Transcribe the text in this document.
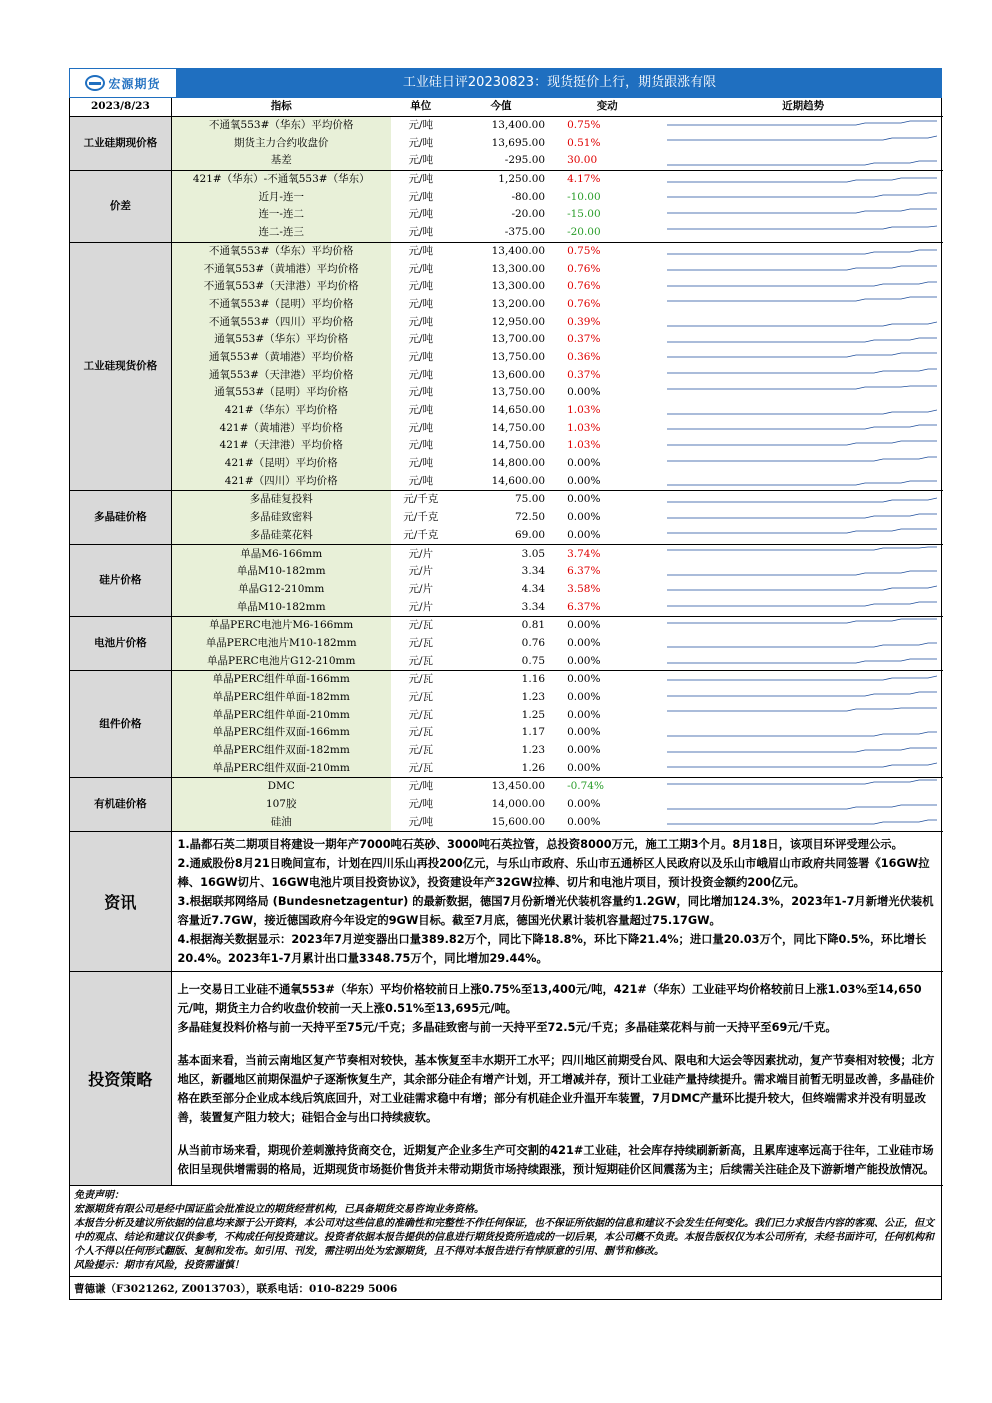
宏源期货	工业硅日评20230823：现货挺价上行，期货跟涨有限
2023/8/23	指标	单位	今值	变动	近期趋势
工业硅期现价格	不通氧553#（华东）平均价格	元/吨	13,400.00	0.75%	

	期货主力合约收盘价	元/吨	13,695.00	0.51%	

	基差	元/吨	-295.00	30.00	

价差	421#（华东）-不通氧553#（华东）	元/吨	1,250.00	4.17%	

	近月-连一	元/吨	-80.00	-10.00	

	连一-连二	元/吨	-20.00	-15.00	

	连二-连三	元/吨	-375.00	-20.00	

工业硅现货价格	不通氧553#（华东）平均价格	元/吨	13,400.00	0.75%	

	不通氧553#（黄埔港）平均价格	元/吨	13,300.00	0.76%	

	不通氧553#（天津港）平均价格	元/吨	13,300.00	0.76%	

	不通氧553#（昆明）平均价格	元/吨	13,200.00	0.76%	

	不通氧553#（四川）平均价格	元/吨	12,950.00	0.39%	

	通氧553#（华东）平均价格	元/吨	13,700.00	0.37%	

	通氧553#（黄埔港）平均价格	元/吨	13,750.00	0.36%	

	通氧553#（天津港）平均价格	元/吨	13,600.00	0.37%	

	通氧553#（昆明）平均价格	元/吨	13,750.00	0.00%	

	421#（华东）平均价格	元/吨	14,650.00	1.03%	

	421#（黄埔港）平均价格	元/吨	14,750.00	1.03%	

	421#（天津港）平均价格	元/吨	14,750.00	1.03%	

	421#（昆明）平均价格	元/吨	14,800.00	0.00%	

	421#（四川）平均价格	元/吨	14,600.00	0.00%	

多晶硅价格	多晶硅复投料	元/千克	75.00	0.00%	

	多晶硅致密料	元/千克	72.50	0.00%	

	多晶硅菜花料	元/千克	69.00	0.00%	

硅片价格	单晶M6-166mm	元/片	3.05	3.74%	

	单晶M10-182mm	元/片	3.34	6.37%	

	单晶G12-210mm	元/片	4.34	3.58%	

	单晶M10-182mm	元/片	3.34	6.37%	

电池片价格	单晶PERC电池片M6-166mm	元/瓦	0.81	0.00%	

	单晶PERC电池片M10-182mm	元/瓦	0.76	0.00%	

	单晶PERC电池片G12-210mm	元/瓦	0.75	0.00%	

组件价格	单晶PERC组件单面-166mm	元/瓦	1.16	0.00%	

	单晶PERC组件单面-182mm	元/瓦	1.23	0.00%	

	单晶PERC组件单面-210mm	元/瓦	1.25	0.00%	

	单晶PERC组件双面-166mm	元/瓦	1.17	0.00%	

	单晶PERC组件双面-182mm	元/瓦	1.23	0.00%	

	单晶PERC组件双面-210mm	元/瓦	1.26	0.00%	

有机硅价格	DMC	元/吨	13,450.00	-0.74%	

	107胶	元/吨	14,000.00	0.00%	

	硅油	元/吨	15,600.00	0.00%	
资讯	

1.晶都石英二期项目将建设一期年产7000吨石英砂、3000吨石英拉管，总投资8000万元，施工工期3个月。8月18日，该项目环评受理公示。

2.通威股份8月21日晚间宣布，计划在四川乐山再投200亿元，与乐山市政府、乐山市五通桥区人民政府以及乐山市峨眉山市政府共同签署《16GW拉棒、16GW切片、16GW电池片项目投资协议》，投资建设年产32GW拉棒、切片和电池片项目，预计投资金额约200亿元。

3.根据联邦网络局 (Bundesnetzagentur) 的最新数据，德国7月份新增光伏装机容量约1.2GW，同比增加124.3%，2023年1-7月新增光伏装机容量近7.7GW，接近德国政府今年设定的9GW目标。截至7月底，德国光伏累计装机容量超过75.17GW。

4.根据海关数据显示：2023年7月逆变器出口量389.82万个，同比下降18.8%，环比下降21.4%；进口量20.03万个，同比下降0.5%，环比增长20.4%。2023年1-7月累计出口量3348.75万个，同比增加29.44%。

投资策略	

上一交易日工业硅不通氧553#（华东）平均价格较前日上涨0.75%至13,400元/吨，421#（华东）工业硅平均价格较前日上涨1.03%至14,650元/吨，期货主力合约收盘价较前一天上涨0.51%至13,695元/吨。

多晶硅复投料价格与前一天持平至75元/千克；多晶硅致密与前一天持平至72.5元/千克；多晶硅菜花料与前一天持平至69元/千克。

基本面来看，当前云南地区复产节奏相对较快，基本恢复至丰水期开工水平；四川地区前期受台风、限电和大运会等因素扰动，复产节奏相对较慢；北方地区，新疆地区前期保温炉子逐渐恢复生产，其余部分硅企有增产计划，开工增减并存，预计工业硅产量持续提升。需求端目前暂无明显改善，多晶硅价格在跌至部分企业成本线后筑底回升，对工业硅需求稳中有增；部分有机硅企业升温开车装置，7月DMC产量环比提升较大，但终端需求并没有明显改善，装置复产阻力较大；硅铝合金与出口持续疲软。

从当前市场来看，期现价差刺激持货商交仓，近期复产企业多生产可交割的421#工业硅，社会库存持续刷新新高，且累库速率远高于往年，工业硅市场依旧呈现供增需弱的格局，近期现货市场挺价售货并未带动期货市场持续跟涨，预计短期硅价区间震荡为主；后续需关注硅企及下游新增产能投放情况。

免责声明：

宏源期货有限公司是经中国证监会批准设立的期货经营机构，已具备期货交易咨询业务资格。

本报告分析及建议所依据的信息均来源于公开资料，本公司对这些信息的准确性和完整性不作任何保证，也不保证所依据的信息和建议不会发生任何变化。我们已力求报告内容的客观、公正，但文中的观点、结论和建议仅供参考，不构成任何投资建议。投资者依据本报告提供的信息进行期货投资所造成的一切后果，本公司概不负责。本报告版权仅为本公司所有，未经书面许可，任何机构和个人不得以任何形式翻版、复制和发布。如引用、刊发，需注明出处为宏源期货，且不得对本报告进行有悖原意的引用、删节和修改。

风险提示：期市有风险，投资需谨慎！

曹德谦（F3021262, Z0013703），联系电话：010-8229 5006
